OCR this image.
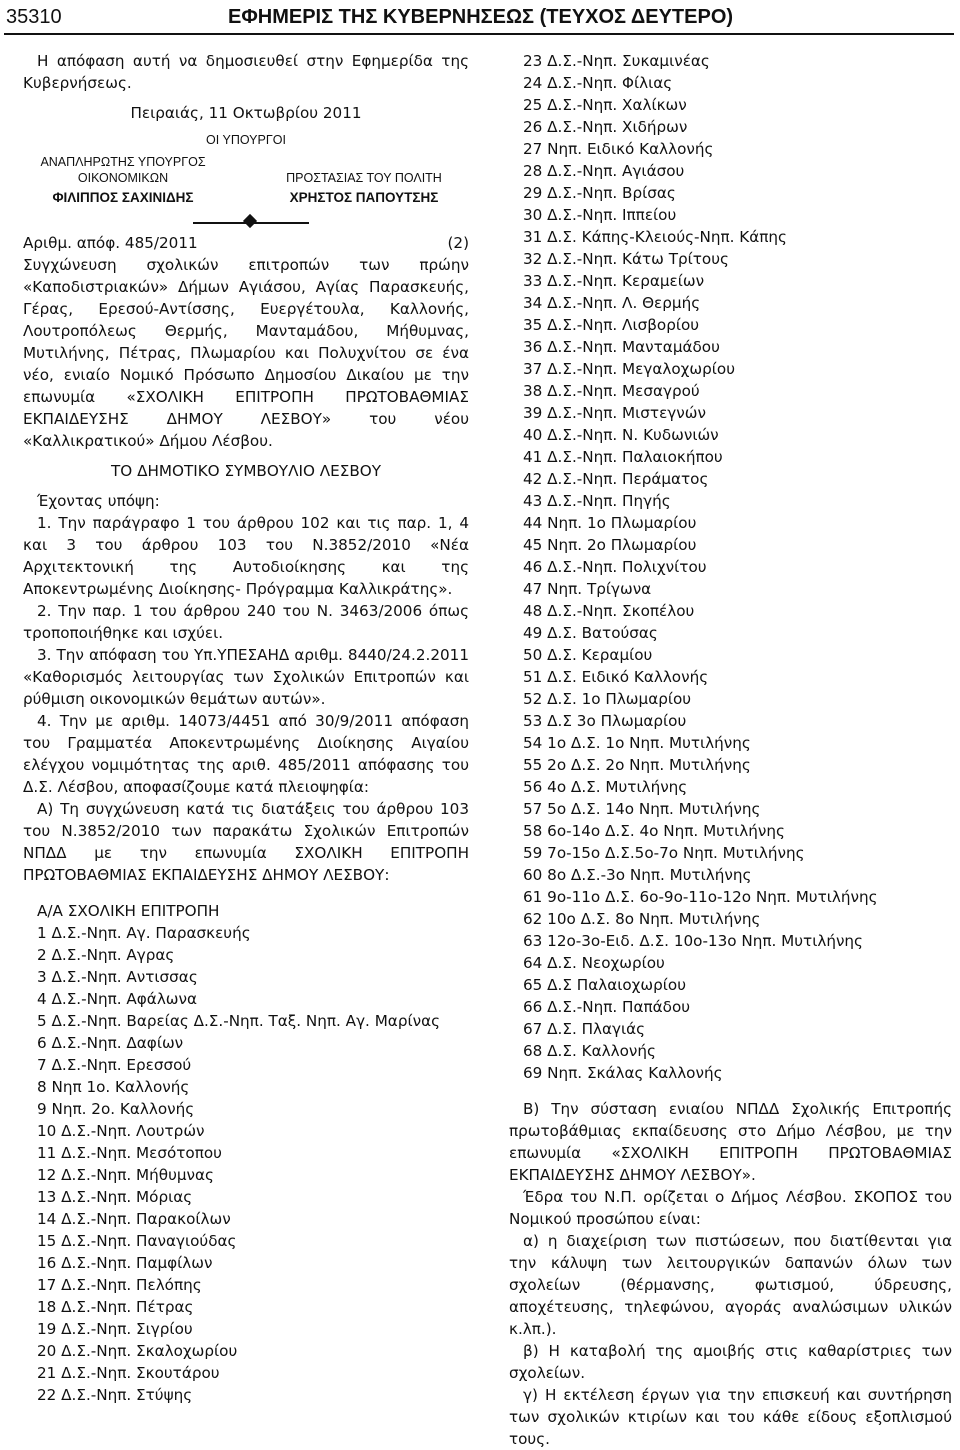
35310	ΕΦΗΜΕΡΙΣ ΤΗΣ ΚΥΒΕΡΝΗΣΕΩΣ (ΤΕΥΧΟΣ ΔΕΥΤΕΡΟ)

Η απόφαση αυτή να δημοσιευθεί στην Εφημερίδα της Κυβερνήσεως.

Πειραιάς, 11 Οκτωβρίου 2011

ΟΙ ΥΠΟΥΡΓΟΙ
ΑΝΑΠΛΗΡΩΤΗΣ ΥΠΟΥΡΓΟΣ
ΟΙΚΟΝΟΜΙΚΩΝ
ΦΙΛΙΠΠΟΣ ΣΑΧΙΝΙΔΗΣ
ΠΡΟΣΤΑΣΙΑΣ ΤΟΥ ΠΟΛΙΤΗ
ΧΡΗΣΤΟΣ ΠΑΠΟΥΤΣΗΣ
Αριθμ. απόφ. 485/2011	(2)

Συγχώνευση σχολικών επιτροπών των πρώην «Καποδιστριακών» Δήμων Αγιάσου, Αγίας Παρασκευής, Γέρας, Ερεσού-Αντίσσης, Ευεργέτουλα, Καλλονής, Λουτροπόλεως Θερμής, Μανταμάδου, Μήθυμνας, Μυτιλήνης, Πέτρας, Πλωμαρίου και Πολυχνίτου σε ένα νέο, ενιαίο Νομικό Πρόσωπο Δημοσίου Δικαίου με την επωνυμία «ΣΧΟΛΙΚΗ ΕΠΙΤΡΟΠΗ ΠΡΩΤΟΒΑΘΜΙΑΣ ΕΚΠΑΙΔΕΥΣΗΣ ΔΗΜΟΥ ΛΕΣΒΟΥ» του νέου «Καλλικρατικού» Δήμου Λέσβου.

ΤΟ ΔΗΜΟΤΙΚΟ ΣΥΜΒΟΥΛΙΟ ΛΕΣΒΟΥ

Έχοντας υπόψη:

1. Την παράγραφο 1 του άρθρου 102 και τις παρ. 1, 4 και 3 του άρθρου 103 του Ν.3852/2010 «Νέα Αρχιτεκτονική της Αυτοδιοίκησης και της Αποκεντρωμένης Διοίκησης- Πρόγραμμα Καλλικράτης».

2. Την παρ. 1 του άρθρου 240 του Ν. 3463/2006 όπως τροποποιήθηκε και ισχύει.

3. Την απόφαση του Υπ.ΥΠΕΣΑΗΔ αριθμ. 8440/24.2.2011 «Καθορισμός λειτουργίας των Σχολικών Επιτροπών και ρύθμιση οικονομικών θεμάτων αυτών».

4. Την με αριθμ. 14073/4451 από 30/9/2011 απόφαση του Γραμματέα Αποκεντρωμένης Διοίκησης Αιγαίου ελέγχου νομιμότητας της αριθ. 485/2011 απόφασης του Δ.Σ. Λέσβου, αποφασίζουμε κατά πλειοψηφία:

Α) Τη συγχώνευση κατά τις διατάξεις του άρθρου 103 του Ν.3852/2010 των παρακάτω Σχολικών Επιτροπών ΝΠΔΔ με την επωνυμία ΣΧΟΛΙΚΗ ΕΠΙΤΡΟΠΗ ΠΡΩΤΟΒΑΘΜΙΑΣ ΕΚΠΑΙΔΕΥΣΗΣ ΔΗΜΟΥ ΛΕΣΒΟΥ:

Α/Α ΣΧΟΛΙΚΗ ΕΠΙΤΡΟΠΗ

1 Δ.Σ.-Νηπ. Αγ. Παρασκευής

2 Δ.Σ.-Νηπ. Αγρας

3 Δ.Σ.-Νηπ. Αντισσας

4 Δ.Σ.-Νηπ. Αφάλωνα

5 Δ.Σ.-Νηπ. Βαρείας Δ.Σ.-Νηπ. Ταξ. Νηπ. Αγ. Μαρίνας

6 Δ.Σ.-Νηπ. Δαφίων

7 Δ.Σ.-Νηπ. Ερεσσού

8 Νηπ 1ο. Καλλονής

9 Νηπ. 2ο. Καλλονής

10 Δ.Σ.-Νηπ. Λουτρών

11 Δ.Σ.-Νηπ. Μεσότοπου

12 Δ.Σ.-Νηπ. Μήθυμνας

13 Δ.Σ.-Νηπ. Μόριας

14 Δ.Σ.-Νηπ. Παρακοίλων

15 Δ.Σ.-Νηπ. Παναγιούδας

16 Δ.Σ.-Νηπ. Παμφίλων

17 Δ.Σ.-Νηπ. Πελόπης

18 Δ.Σ.-Νηπ. Πέτρας

19 Δ.Σ.-Νηπ. Σιγρίου

20 Δ.Σ.-Νηπ. Σκαλοχωρίου

21 Δ.Σ.-Νηπ. Σκουτάρου

22 Δ.Σ.-Νηπ. Στύψης

23 Δ.Σ.-Νηπ. Συκαμινέας

24 Δ.Σ.-Νηπ. Φίλιας

25 Δ.Σ.-Νηπ. Χαλίκων

26 Δ.Σ.-Νηπ. Χιδήρων

27 Νηπ. Ειδικό Καλλονής

28 Δ.Σ.-Νηπ. Αγιάσου

29 Δ.Σ.-Νηπ. Βρίσας

30 Δ.Σ.-Νηπ. Ιππείου

31 Δ.Σ. Κάπης-Κλειούς-Νηπ. Κάπης

32 Δ.Σ.-Νηπ. Κάτω Τρίτους

33 Δ.Σ.-Νηπ. Κεραμείων

34 Δ.Σ.-Νηπ. Λ. Θερμής

35 Δ.Σ.-Νηπ. Λισβορίου

36 Δ.Σ.-Νηπ. Μανταμάδου

37 Δ.Σ.-Νηπ. Μεγαλοχωρίου

38 Δ.Σ.-Νηπ. Μεσαγρού

39 Δ.Σ.-Νηπ. Μιστεγνών

40 Δ.Σ.-Νηπ. Ν. Κυδωνιών

41 Δ.Σ.-Νηπ. Παλαιοκήπου

42 Δ.Σ.-Νηπ. Περάματος

43 Δ.Σ.-Νηπ. Πηγής

44 Νηπ. 1ο Πλωμαρίου

45 Νηπ. 2ο Πλωμαρίου

46 Δ.Σ.-Νηπ. Πολιχνίτου

47 Νηπ. Τρίγωνα

48 Δ.Σ.-Νηπ. Σκοπέλου

49 Δ.Σ. Βατούσας

50 Δ.Σ. Κεραμίου

51 Δ.Σ. Ειδικό Καλλονής

52 Δ.Σ. 1ο Πλωμαρίου

53 Δ.Σ 3ο Πλωμαρίου

54 1ο Δ.Σ. 1ο Νηπ. Μυτιλήνης

55 2ο Δ.Σ. 2ο Νηπ. Μυτιλήνης

56 4ο Δ.Σ. Μυτιλήνης

57 5ο Δ.Σ. 14ο Νηπ. Μυτιλήνης

58 6ο-14ο Δ.Σ. 4ο Νηπ. Μυτιλήνης

59 7ο-15ο Δ.Σ.5ο-7ο Νηπ. Μυτιλήνης

60 8ο Δ.Σ.-3ο Νηπ. Μυτιλήνης

61 9ο-11ο Δ.Σ. 6ο-9ο-11ο-12ο Νηπ. Μυτιλήνης

62 10ο Δ.Σ. 8ο Νηπ. Μυτιλήνης

63 12ο-3ο-Ειδ. Δ.Σ. 10ο-13ο Νηπ. Μυτιλήνης

64 Δ.Σ. Νεοχωρίου

65 Δ.Σ Παλαιοχωρίου

66 Δ.Σ.-Νηπ. Παπάδου

67 Δ.Σ. Πλαγιάς

68 Δ.Σ. Καλλονής

69 Νηπ. Σκάλας Καλλονής

Β) Την σύσταση ενιαίου ΝΠΔΔ Σχολικής Επιτροπής πρωτοβάθμιας εκπαίδευσης στο Δήμο Λέσβου, με την επωνυμία «ΣΧΟΛΙΚΗ ΕΠΙΤΡΟΠΗ ΠΡΩΤΟΒΑΘΜΙΑΣ ΕΚΠΑΙΔΕΥΣΗΣ ΔΗΜΟΥ ΛΕΣΒΟΥ».

Έδρα του Ν.Π. ορίζεται ο Δήμος Λέσβου. ΣΚΟΠΟΣ του Νομικού προσώπου είναι:

α) η διαχείριση των πιστώσεων, που διατίθενται για την κάλυψη των λειτουργικών δαπανών όλων των σχολείων (θέρμανσης, φωτισμού, ύδρευσης, αποχέτευσης, τηλεφώνου, αγοράς αναλώσιμων υλικών κ.λπ.).

β) Η καταβολή της αμοιβής στις καθαρίστριες των σχολείων.

γ) Η εκτέλεση έργων για την επισκευή και συντήρηση των σχολικών κτιρίων και του κάθε είδους εξοπλισμού τους.
